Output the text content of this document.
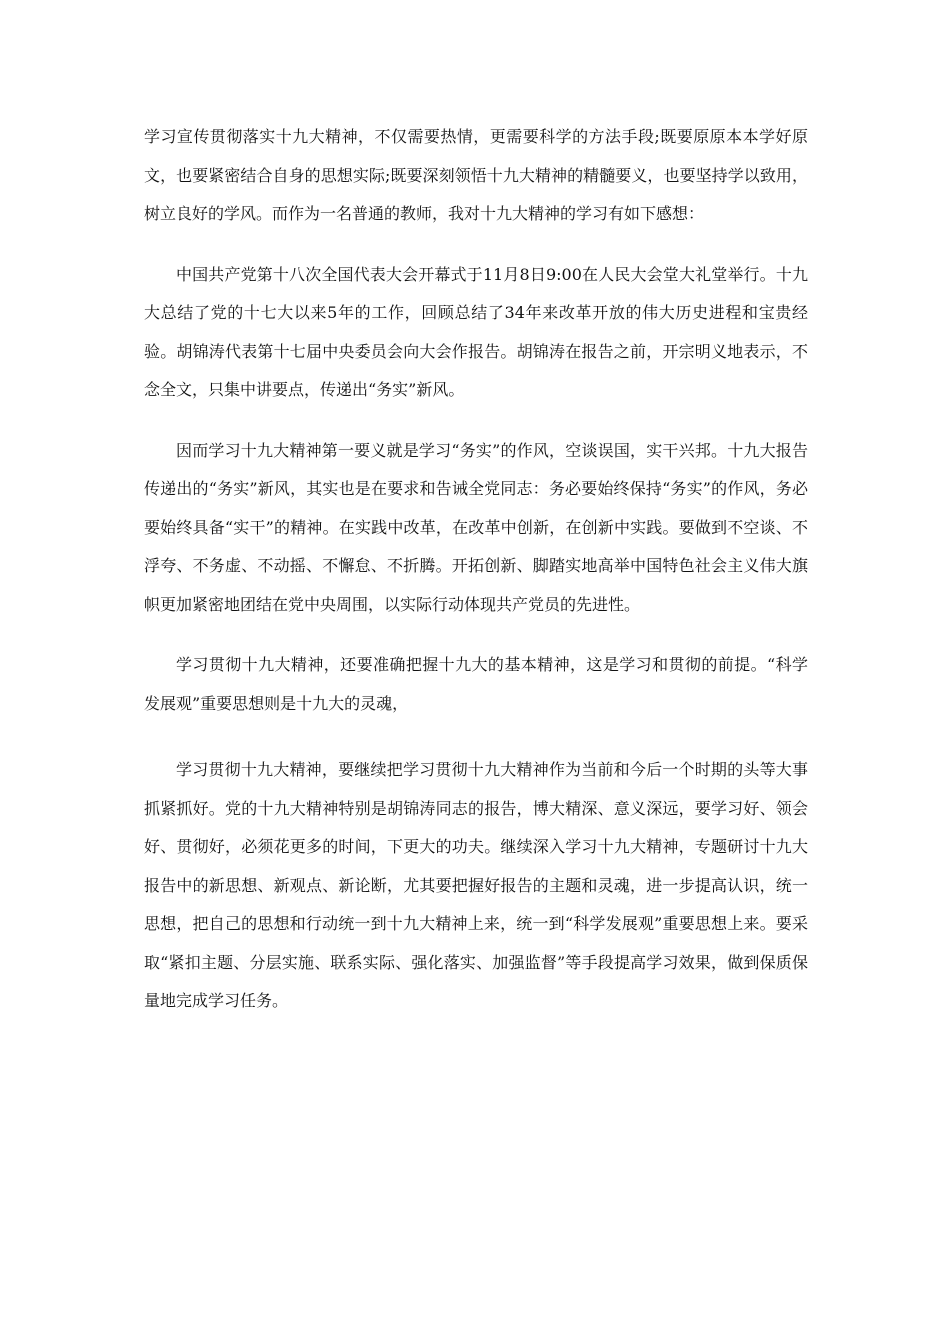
学习宣传贯彻落实十九大精神，不仅需要热情，更需要科学的方法手段;既要原原本本学好原文，也要紧密结合自身的思想实际;既要深刻领悟十九大精神的精髓要义，也要坚持学以致用，树立良好的学风。而作为一名普通的教师，我对十九大精神的学习有如下感想：

中国共产党第十八次全国代表大会开幕式于11月8日9:00在人民大会堂大礼堂举行。十九大总结了党的十七大以来5年的工作，回顾总结了34年来改革开放的伟大历史进程和宝贵经验。胡锦涛代表第十七届中央委员会向大会作报告。胡锦涛在报告之前，开宗明义地表示，不念全文，只集中讲要点，传递出“务实”新风。

因而学习十九大精神第一要义就是学习“务实”的作风，空谈误国，实干兴邦。十九大报告传递出的“务实”新风，其实也是在要求和告诫全党同志：务必要始终保持“务实”的作风，务必要始终具备“实干”的精神。在实践中改革，在改革中创新，在创新中实践。要做到不空谈、不浮夸、不务虚、不动摇、不懈怠、不折腾。开拓创新、脚踏实地高举中国特色社会主义伟大旗帜更加紧密地团结在党中央周围，以实际行动体现共产党员的先进性。

学习贯彻十九大精神，还要准确把握十九大的基本精神，这是学习和贯彻的前提。“科学发展观”重要思想则是十九大的灵魂，

学习贯彻十九大精神，要继续把学习贯彻十九大精神作为当前和今后一个时期的头等大事抓紧抓好。党的十九大精神特别是胡锦涛同志的报告，博大精深、意义深远，要学习好、领会好、贯彻好，必须花更多的时间，下更大的功夫。继续深入学习十九大精神，专题研讨十九大报告中的新思想、新观点、新论断，尤其要把握好报告的主题和灵魂，进一步提高认识，统一思想，把自己的思想和行动统一到十九大精神上来，统一到“科学发展观”重要思想上来。要采取“紧扣主题、分层实施、联系实际、强化落实、加强监督”等手段提高学习效果，做到保质保量地完成学习任务。
